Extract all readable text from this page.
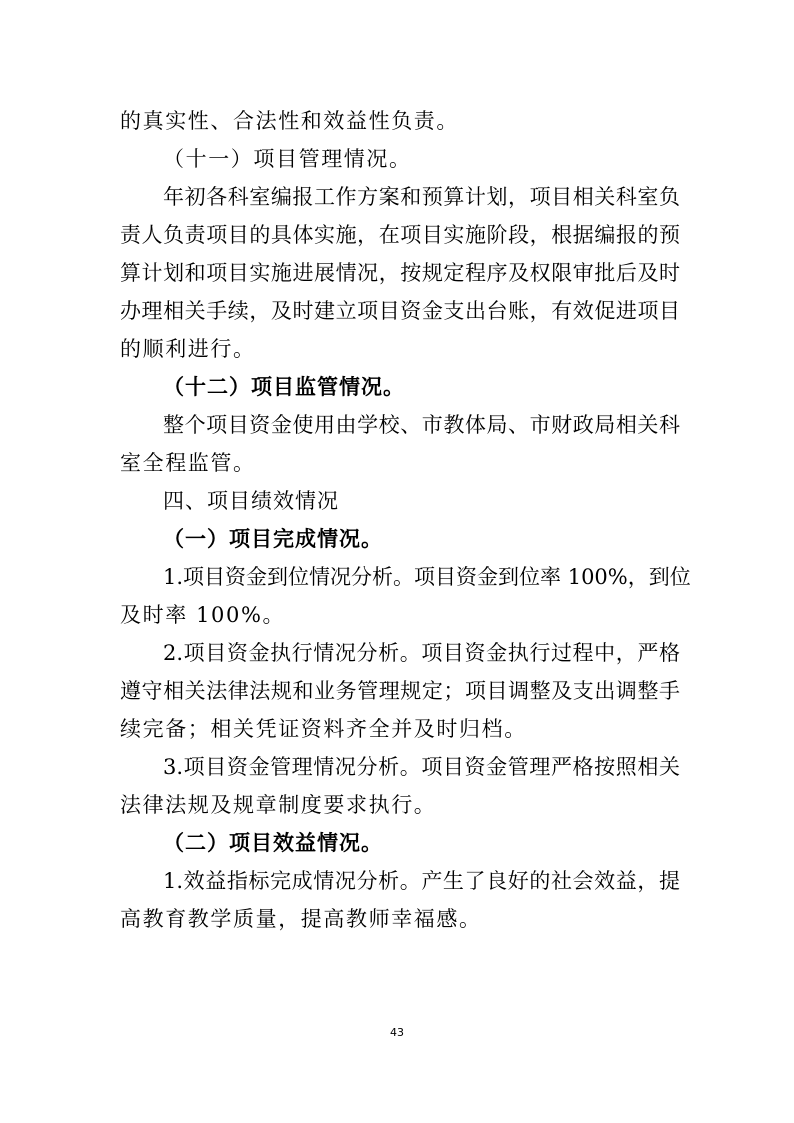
的真实性、合法性和效益性负责。
（十一）项目管理情况。
年初各科室编报工作方案和预算计划，项目相关科室负
责人负责项目的具体实施，在项目实施阶段，根据编报的预
算计划和项目实施进展情况，按规定程序及权限审批后及时
办理相关手续，及时建立项目资金支出台账，有效促进项目
的顺利进行。
（十二）项目监管情况。
整个项目资金使用由学校、市教体局、市财政局相关科
室全程监管。
四、项目绩效情况
（一）项目完成情况。
1.项目资金到位情况分析。项目资金到位率 100%，到位
及时率 100%。
2.项目资金执行情况分析。项目资金执行过程中，严格
遵守相关法律法规和业务管理规定；项目调整及支出调整手
续完备；相关凭证资料齐全并及时归档。
3.项目资金管理情况分析。项目资金管理严格按照相关
法律法规及规章制度要求执行。
（二）项目效益情况。
1.效益指标完成情况分析。产生了良好的社会效益，提
高教育教学质量，提高教师幸福感。
43
